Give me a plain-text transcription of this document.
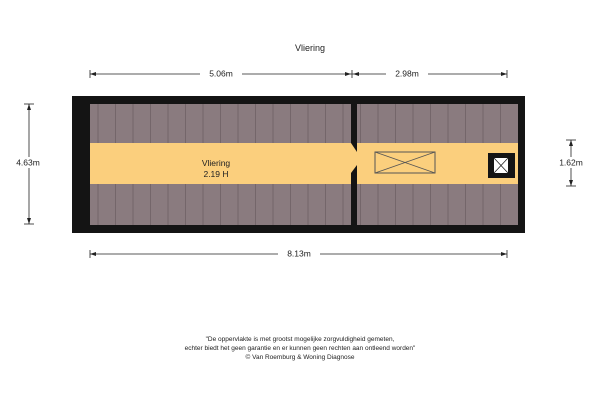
Vliering
5.06m	2.98m
4.63m	1.62m
8.13m
Vliering
2.19 H
"De oppervlakte is met grootst mogelijke zorgvuldigheid gemeten,
echter biedt het geen garantie en er kunnen geen rechten aan ontleend worden"
© Van Roemburg & Woning Diagnose
